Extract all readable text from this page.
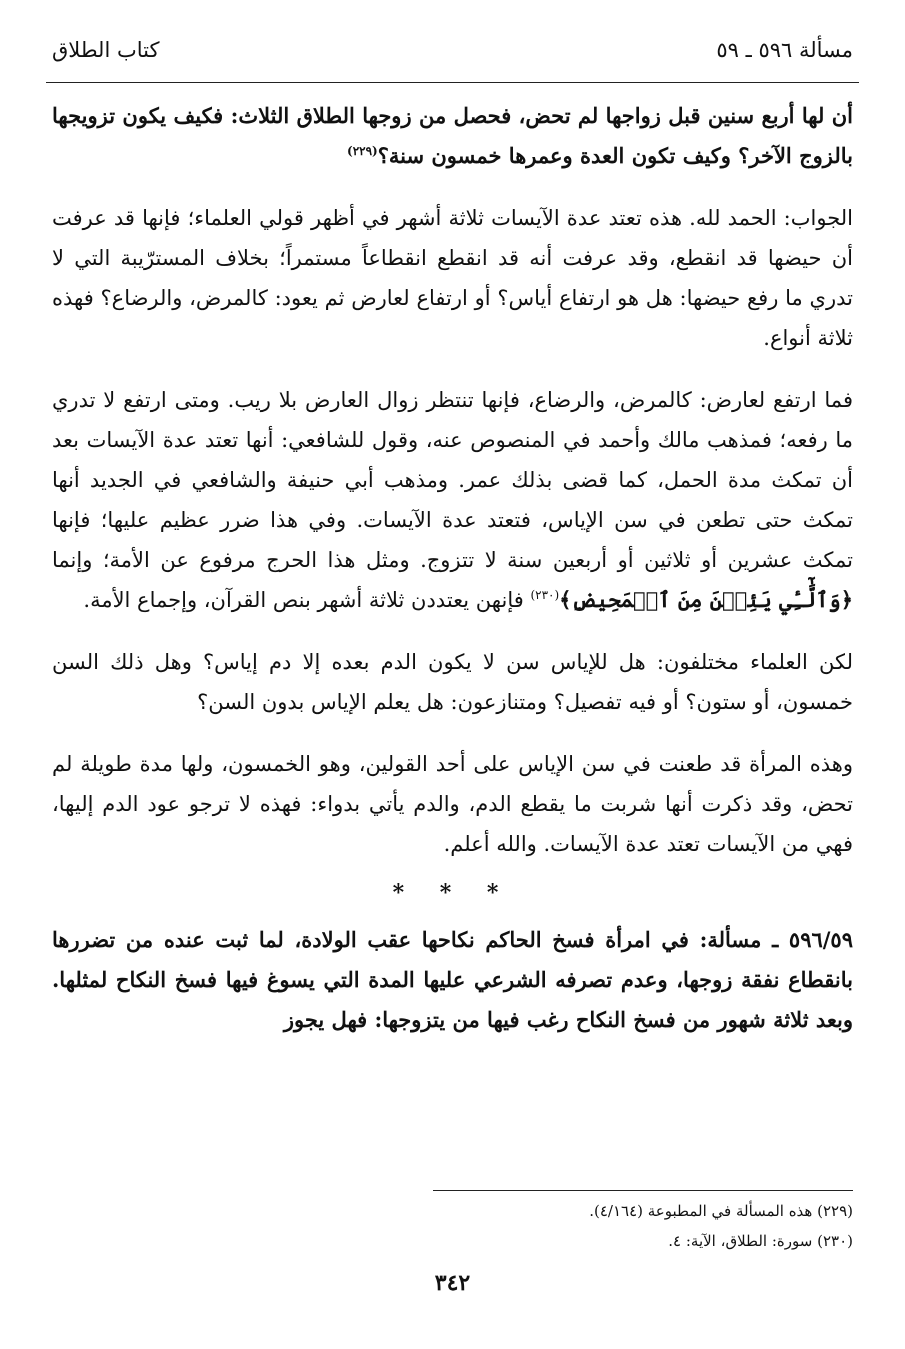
مسألة ٥٩٦ ـ ٥٩
كتاب الطلاق

أن لها أربع سنين قبل زواجها لم تحض، فحصل من زوجها الطلاق الثلاث: فكيف يكون تزويجها بالزوج الآخر؟ وكيف تكون العدة وعمرها خمسون سنة؟$^{(٢٢٩)}$

الجواب: الحمد لله. هذه تعتد عدة الآيسات ثلاثة أشهر في أظهر قولي العلماء؛ فإنها قد عرفت أن حيضها قد انقطع، وقد عرفت أنه قد انقطع انقطاعاً مستمراً؛ بخلاف المسترّيبة التي لا تدري ما رفع حيضها: هل هو ارتفاع أياس؟ أو ارتفاع لعارض ثم يعود: كالمرض، والرضاع؟ فهذه ثلاثة أنواع.

فما ارتفع لعارض: كالمرض، والرضاع، فإنها تنتظر زوال العارض بلا ريب. ومتى ارتفع لا تدري ما رفعه؛ فمذهب مالك وأحمد في المنصوص عنه، وقول للشافعي: أنها تعتد عدة الآيسات بعد أن تمكث مدة الحمل، كما قضى بذلك عمر. ومذهب أبي حنيفة والشافعي في الجديد أنها تمكث حتى تطعن في سن الإياس، فتعتد عدة الآيسات. وفي هذا ضرر عظيم عليها؛ فإنها تمكث عشرين أو ثلاثين أو أربعين سنة لا تتزوج. ومثل هذا الحرج مرفوع عن الأمة؛ وإنما ﴿وَٱلَّٰٓـِٔي يَئِسۡنَ مِنَ ٱلۡمَحِيضِ﴾$^{(٢٣٠)}$ فإنهن يعتددن ثلاثة أشهر بنص القرآن، وإجماع الأمة.

لكن العلماء مختلفون: هل للإياس سن لا يكون الدم بعده إلا دم إياس؟ وهل ذلك السن خمسون، أو ستون؟ أو فيه تفصيل؟ ومتنازعون: هل يعلم الإياس بدون السن؟

وهذه المرأة قد طعنت في سن الإياس على أحد القولين، وهو الخمسون، ولها مدة طويلة لم تحض، وقد ذكرت أنها شربت ما يقطع الدم، والدم يأتي بدواء: فهذه لا ترجو عود الدم إليها، فهي من الآيسات تعتد عدة الآيسات. والله أعلم.

* * *

٥٩٦/٥٩ ـ مسألة: في امرأة فسخ الحاكم نكاحها عقب الولادة، لما ثبت عنده من تضررها بانقطاع نفقة زوجها، وعدم تصرفه الشرعي عليها المدة التي يسوغ فيها فسخ النكاح لمثلها. وبعد ثلاثة شهور من فسخ النكاح رغب فيها من يتزوجها: فهل يجوز

(٢٢٩) هذه المسألة في المطبوعة (٤/١٦٤).
(٢٣٠) سورة: الطلاق، الآية: ٤.
٣٤٢
